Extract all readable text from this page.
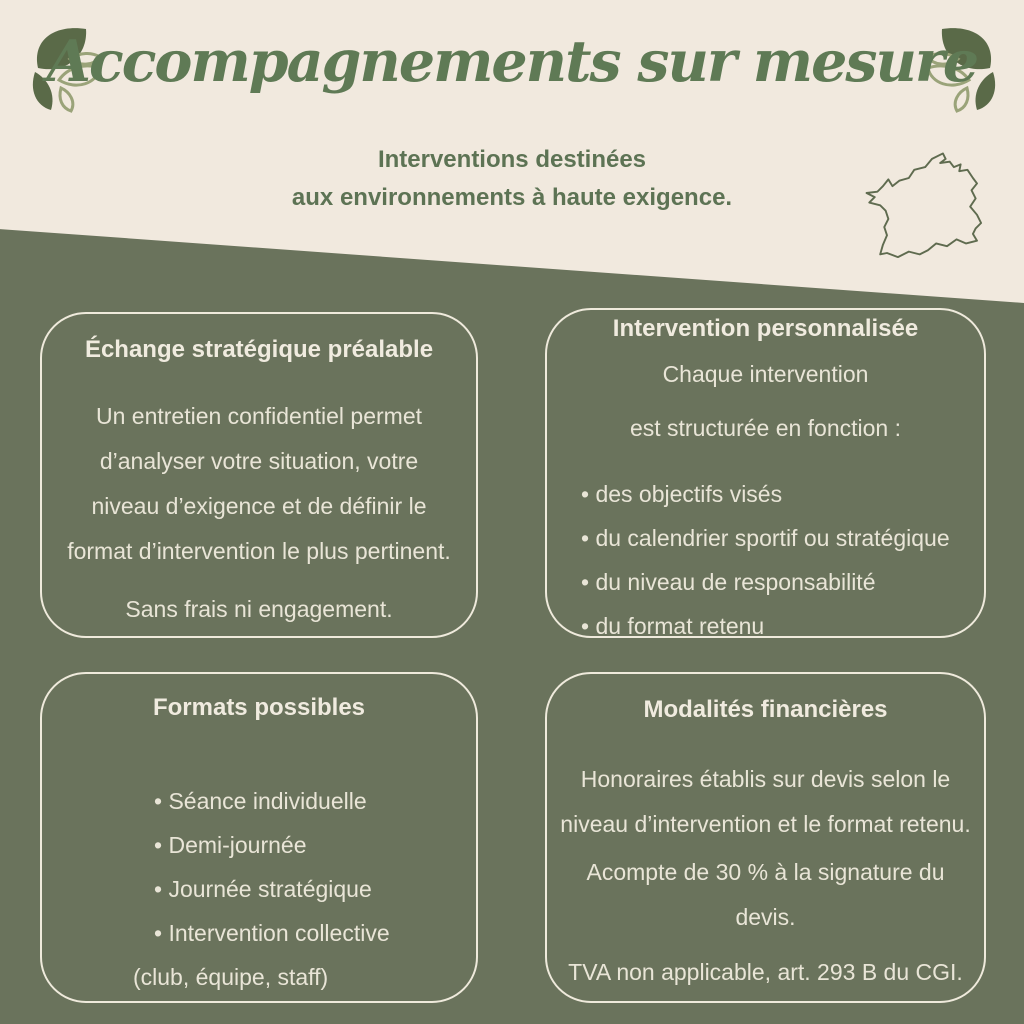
Accompagnements sur mesure

Interventions destinées
aux environnements à haute exigence.

Échange stratégique préalable

Un entretien confidentiel permet d’analyser votre situation, votre niveau d’exigence et de définir le format d’intervention le plus pertinent.

Sans frais ni engagement.

Intervention personnalisée

Chaque intervention

est structurée en fonction :

• des objectifs visés
• du calendrier sportif ou stratégique
• du niveau de responsabilité
• du format retenu
Formats possibles
• Séance individuelle
• Demi-journée
• Journée stratégique
• Intervention collective

(club, équipe, staff)

Modalités financières

Honoraires établis sur devis selon le niveau d’intervention et le format retenu.

Acompte de 30 % à la signature du devis.

TVA non applicable, art. 293 B du CGI.
